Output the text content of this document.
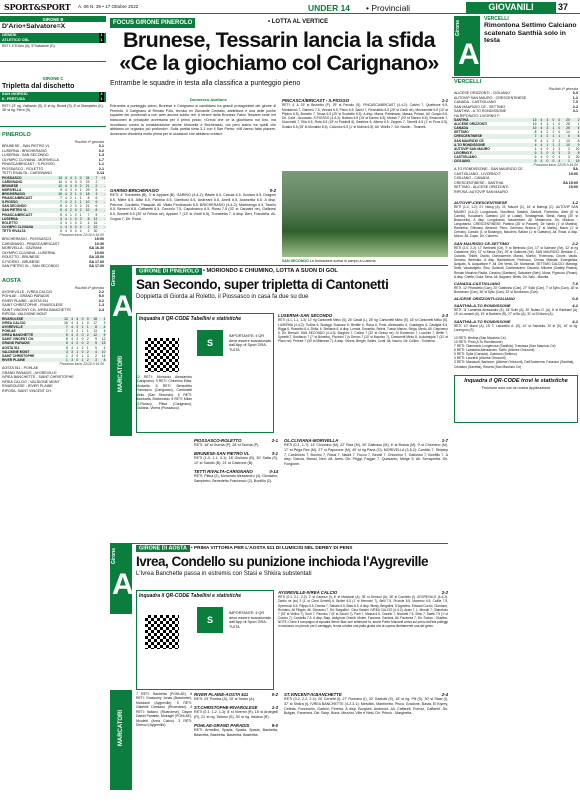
SPORT&SPORT A. 06 N. 39 • 17 Ottobre 2022	UNDER 14 • Provinciali	GIOVANILI	37
GIRONE B
D'Ario+Salvatore=X
GENESI	1
ATLETICO CBL	1
RETI: 4°D'Ario (A), 5°Salvatore (G).
GIRONE C
Tripletta dal dischetto
SAN GIORGIO	3
K. PERTUSA	1
RETI: 22' rig. Vuillavoic (S), 5' st rig. Biondi (S), 8' st Giampietro (K), 38' st rig. Ferro (S).
PINEROLO
Risultati 4ª giornata
BRUNESE - SAN PIETRO VL	3-1
LUSERNA - BRICHERASIO	0-2
LUSERNA - SAN SECONDO	1-3
OLYMPIC CLIVIANA - MORIVELLA	1-7
PINASCA/BRICAST - S.PIOSSO	1-1
PIOSSASCO - ROLETTO	2-1
TETTI RIVALTA - CARIGNANO	0-14
PIOSSASCO	13	4	4	1	0	34	7	+1
CARIGNANO	12	4	4	0	0	23	2	-
BRUNESE	12	4	4	0	0	21	2	-
MORIVELLA	9	4	3	0	1	29	5	-
BRICHERASIO	10	4	3	1	0	18	3	-
PINASCA/BRICAST	7	4	2	1	1	8	6	-
S.PIOSSO	7	4	2	1	1	10	9	-
SAN SECONDO	6	4	2	0	2	21	6	-
SAN PIETRO VL	6	4	2	0	2	10	8	-
PINASCA/BRICAST	5	4	1	2	1	7	5	-
LUSERNA	3	4	1	0	3	8	12	-
ROLETTO	3	4	1	0	3	4	16	-
OLYMPIC CLIVIANA	1	4	0	0	4	2	22	-
TETTI RIVALTA	0	4	0	0	4	2	30	-
Prossimo turno 22/10 h.16.00
BRICHERASIO - PIOSSASCO	15:00
CARIGNANO - PINASCA/BRICAST	10:30
MORIVELLA - GAZRANI	SA 16.30
OLYMPIC CLIVIANA - LUSERNA	10:00
ROLETTO - BRUNESE	SA 15.00
S.PIOSSO - BRUNESE	SA 17.00
SAN PIETRO VL - SAN SECONDO	SA 17.00
AOSTA
Risultati 4ª giornata
AYGREVILLE - IVREA CALCIO	2-2
POHLAE - GRAND PARADIS	9-0
RIVER PLAINE - AOSTA 511	0-2
SAINT CHRISTOPHE - RIVAROLESE	1-3
SAINT VINCENT CH.-IVREA BANCHETTE	2-4
RIPOSA: VALDIGNE MONT
RIVAROLESE	12	4	4	0	0	18	1
IVREA CALCIO	10	4	3	1	0	17	3
AYGREVILLE	7	4	2	1	1	8	4
POHLAE	7	4	2	1	1	13	4
IVREA BANCHETTE	6	4	2	0	2	12	9
SAINT VINCENT CH.	6	4	2	0	2	9	12
GRAND PARADIS	6	4	2	0	2	5	15
AOSTA 511	5	4	1	2	1	5	4
VALDIGNE MONT	4	3	1	0	2	4	10
SAINT CHRISTOPHE	1	4	0	1	3	2	14
RIVER PLAINE	1	3	0	1	2	3	8
Prossimo turno 22/10 h.16.00
AOSTA 511 - POHLAE
GRAND PARADIS - AYGREVILLE
IVREA BANCHETTE - SAINT CHRISTOPHE
IVREA CALCIO - VALDIGNE MONT
RIVAROLESE - RIVER PLAINE
RIPOSA: SAINT VINCENT CH.
FOCUS GIRONE PINEROLO	• LOTTA AL VERTICE
Brunese, Tessarin lancia la sfida
«Ce la giochiamo col Carignano»
Entrambe le squadre in testa alla classifica a punteggio pieno
Domenico Avallone
Entrambe a punteggio pieno, Brunese e Carignano si candidano tra grandi protagoniste del girone di Pinerolo. Il Carignano di Renato Pôlo, tecnico ex Giovanile Centallo, addirittura è una delle poche squadre dei provinciali a non aver ancora subito reti. A tenere della Brunese Fabio Tessarin vede nei bianconeri la principale avversaria per il primo posto: «Credo che ce la giochiamo noi loro, ma ricordiamo contro la considerazione anche Morivella e Bricherasio, noi però siamo tra quelli che abbiamo un organico più profondo». Sulla partita vinta 3-1 con il San Pietro: «Mi hanno fatto piacere, dovevamo chiuderla molto prima per le occasioni che abbiamo creato».
GARINO-BRICHERASIO	0-2
RETI: 4' Trombetta (B), 3' st Appiani (B). GARINO (4-4-2): Basile 6.5, Casula 6.5, Scolaro 6.5, Dragoni 6.5, Miele 6.5, Allisi 6.5, Pantina 6.5, Gambosi 6.5, Andreani 6.5, Anelli 6.5, Avanzella 6.5. A disp. Petrone, Cordiello, Pasquali. All. Vitale Ferdinando 6.5. BRICHERASIO (4-4-2): Martinengo 6.5, Tarello 6.5, Benech 6.5, Caffaretti 6.5, Cenzolo 7.5, Capobianco 6.5, Rossi 7.5 (32' st Carpiani ne), Gallinesi 6.5, Bonetti 6.5 (30' st Felizia ne), Appiani 7 (15' st Vioth 6.5), Trombetta 7. A disp. Bert, Frandella. All. Gogna 7. Dir. Rosa.
PINCASCA/BRICAST - S.PIOSSO	1-1
RETI: 4' & 19' st Brunetto (P), 29' st Peculio (S). PINCASCA/BRICAST (4-4-2): Calvini 7, Quattrone 6.5, Montanino 7, Gamero 7.5, Vinzani 6.5, Pierci 6.5, Sachi 7, Pezzutello 6.5 (25' st Cardi ne), Mezzanotte 6.5 (10' st Pilpino 6.5), Bonetto 7, Tessa 6.5 (25' st Scubelle 6.5). A disp. Marra, Palmisano, Massa, Peloso. All. Gorgio 6.5. Dir. Calvi - Accosato. S.PIOSSO (4-4-2): Bottaro 6.5 (15' st Daneo 6.5), Musso 7 (20' st Stanco 6.5), Emanuele 7, Mucchetti 7, Elia 6.5, Rota 6.5 (19' st Paiolelli 6), Beatrice 6, Albera 6.5, Zeppes 7, Tarnelli 6.5 (1' st Pons 6.5), Sciabo 6.5 (25' st Munaldo 6.5), Colombo 6.5 (1' st Molina 6.5). All. Vitiello 7. Dir. Nicolin - Tinanelli.
SAN SECONDO La formazione scesa in campo a Luserna
Girone
A
GIRONE DI PINEROLO • MORIONDO E CHIUMINO, LOTTA A SUON DI GOL
San Secondo, super tripletta di Cantonetti
Doppietta di Giorda al Roletto, il Piossasco in casa fa due su due
Inquadra il QR-CODE Tabellini e statistiche
S
IMPORTANTE: il QR deve essere scansionato dall'App di Sport GRA-TUITA
MARCATORI	12 RETI: Moriondo Alessandro (Carignano). 9 RETI: Chiumino Elisa, Morivella. 8 RETI: Benedetto Francesco (Carignano), Cantonetti Mirko (San Secondo). 6 RETI: Bambaria, Bricherasio. 5 RETI: Milan (S.Piosso), Pitisa (Carignano), Giuliana, Vinerà (Piossasco).
LUSERNA-SAN SECONDO	1-3
RETI (4-1, 1-1, 1-3): 12' rig Cantonetti Mirko (S), 26' Casali (L), 28' rig. Cantonetti Mirko (S), 18' st Cantonetti Mirko (S). LUSERNA (4-4-2): Tudina 6, Broaggi, Sussone 6, Bertille 6, Ricca 6, Poris, Alessandro 6, Guadagno 6, Castiglia 6.5, Rigga 6, Rossetto 6.4, Zhilla, 6, Stellanie 6. A disp. Lorrani, Dossetto, Seleni, Tussio Manzo, Siriga, Merlo. All. Carpineno 6. Dir. Brenchi. SAN SECONDO (4-4-3): Borghini 7, Collino 7 (32' st Gesso ne), Di Domenico 7, Lucchini 7, Beltiri 7, Spinetti 7, Bonifacio 7 (7' st Bonetto), Piccinini 7 (s Denon 7 (10' st Maurizo 7), Cantonetti Mirko 8, Ludotroppia 7 (31' st Picco ne), Pereira 7 (30' st Milanese 7). A disp. Viviers, Berger, Salles, Conti. All. Insunu. Dir. Collino - Trolisena.
PIOSSASCO-ROLETTO	2-1
RETI: 16' st Giorda (P), 28' st Giorda (P).
BRUNESE-SAN PIETRO VL	3-1
RETI (1-0, 1-1, 3-1): 18' Giuliano (B), 30' Satta (S), 12' st Salotto (B), 21' st Castrone (B).
TETTI RIVALTA-CARIGNANO	0-14
RETI: Pitisa (2), Moriondo Alessandro (4), Giordano, Sampietro, Benedetto Francesco (2), Bonfilio (2).
OL.CLIVIANA-MORIVELLA	1-7
RETI (0-1, 1-7): 14' Chiumino (M), 22' Raiz (M), 30' Gaitosso (M), 6' st Brasia (M), 9' st Chiumino (M), 17' st Pega Rev (M), 27' st Papurone (M), 40' st rig Pana (O). MORIVELLA (3-5-2): Cardillo 7, Striptep 7, Cardelloro 7, Bonino 7, Rossi 7, Naddi 7, Fucco 7, Bevali 7, Chiumino 7, Gaitosso 7, Bonfilio 7. A disp. Garcia, Bressi, Neri. All. Aresi. Dir. Priggi, Faggio 7. Quasanto, Melge 5. All. Sevapretta. Dir. Fongione.
Girone
A
GIRONE DI AOSTA • PRIMA VITTORIA PER L'AOSTA 511 DI LUMICISI NEL DERBY DI PENS
Ivrea, Condello su punizione inchioda l'Aygreville
L'Ivrea Banchette passa in estremis con Stasi e Shkira substentati
Inquadra il QR-CODE Tabellini e statistiche
S
IMPORTANTE: il QR deve essere scansionato dall'App di Sport GRA-TUITA
MARCATORI
7 RETI: Bastretta (POHLAE). 6 RETI: Grassomy Jonas (Banchette), Marcianti (Aygreville). 5 RETI: Gabrielli Damiano (Rivarolese). 4 RETI: Italiano (Rivarolese), Dayne Daniel Panable, Moiraghi (POHLAE), Nicoletti (Ivrea Calcio). 3 RETI: Demozi (Aygreville).
AYGREVILLE-IVREA CALCIO	2-2
RETI (0-1, 2-1, 2-2): 2' st Gavezzi (I), 6' st Marcianti (A), 35' st Demozi (A), 36' st Condello (I). AYGREVILLE (4-4-2): Zanilo ne (sc) 3 (1' st Cima Sonetti) 6, Bulleri 6.5 (1' st Mennieri 7), Belli 7.5, Picciole 6.5, Marzeno 6.5, Cotille 7.5, Spermiolo 6.5, Filippo 6.5, Denisa 7, Sabato 6.5, Biasi 6.5, A disp. Biesly, Bergallini, D'Agostino, Edward Curzio, Giordano, Romano, Ali Filippin. All. Dimazeci 7. Dir. Borgallini - Gina Sandei. IVREA CALCIO (4-4-2): Arato 7, L. Mendri 7, Glabobolo 7 (32' st Vellino 7), Sorti 7, Paunicu 7 (5' st Zacchi 7), Parli 7, Massa 6.5, Cavallo 7, Nicolotti 7.5, Sibic 7, Saetti 7.5 (1' st Coston 7), Condella 7.5. A disp. Barp, Astigrone Orsetti, Moteri, Fancona, Gardani. All. Panerrea 7. Dir. Sodan - Giustino. NOTE: Come il compagno di squadra Ilenne Biac due settimane fa, anche Pietro Marcanti arriva sul primo dell'età palleggi in esclusivo un piccolo per il vantaggio, ferma un'altra una palla giusta che la supera direttamente una del gesto.
RIVER PLAINE-AOSTA 511	0-2
RETI: 29' Pomba (A), 15' st Sedro (A).
ST.CHRISTOPHE-RIVAROLESE	1-3
RETI (0-1, 1-2, 1-3): 8' st Vivermi (R), 15' st Ardegelli (R), 21' st rig. Tallano (S), 35' st rig. Italiano (R).
POHLAE-GRAND PARADIS	9-0
RETI: Armellini, Spada, Spada, Spada, Bastretta, Bastretta, Bastretta, Bastretta, Bastretta.
ST.VINCENT-IV.BANCHETTE	2-4
RETI (0-2, 2-2, 2-4): 20' Cerretti (I), 27' Romano (I), 32' Gaelotti (S), 18' st rig. Pili (S), 30' st Stasi (I), 37' st Shikra (I). IVREA BANCHETTE (4-2-3-1): Merollini, Mantinetto, Pisco, Gradone, Basta, El Kiyrey, Cetetta, Fonninello, Garbini, Pereria. A disp. Borghini, Andreoni. All. Caffareli, Frenzo, Caffareli. Dir. Bulgan, Panerrea, Dirl. Barp, Bona, Mezzini, Ville e Nesi, Dir. Prieco - Marghetta.
Girone
A
VERCELLI
Rimontona Settimo Calciano scatenato Santhià solo in testa
VERCELLI
Risultati 4ª giornata
ALICESE ORIZZONTI - CIGLIANO	0-0
AUTOVIP SAN MAURO - CRESCENTINESE	1-2
CANADA - CASTIGLIANO	7-0
SAN MAURIZIO CE - SETTIMO	2-2
SANTHIÀ - A.TO RONDISSONE	4-1
HA RIPOSATO: LIVORNO F.
SANTHIÀ	13	4	4	0	0	20	2
ALICESE ORIZZONTI	10	4	3	1	0	28	1
CANADA	10	4	3	1	0	25	5
SETTIMO	8	4	2	2	0	14	4
CRESCENTINESE	7	4	2	1	1	5	8
SAN MAURIZIO CE	5	4	1	2	1	13	8
A.TO RONDISSONE	4	4	1	1	2	10	9
AUTOVIP SAN MAURO	1	4	0	1	3	3	20
LIVORNO F.	0	3	0	0	3	3	8
CASTIGLIANO	0	4	0	0	4	3	30
CIGLIANO	0	4	0	0	4	1	16
Prossimo turno 22/10 h.16.00
A.TO RONDISSONE - SAN MAURIZIO CE	SA
CASTIGLIANO - LIVORNO F.	15:00
CIGLIANO - CANADA
CRESCENTINESE - SANTHIÀ	SA 15:00
SETTIMO - ALICESE ORIZZONTI	15:00
RIPOSA: AUTOVIP SAN MAURO
AUTOVIP-CRESCENTINESE	1-2
RETI (1-0, 1-2): 21' Niang (A), 21' Macchi (C), 16' st Matrugi (C). AUTOVIP SAN MAURO (4-4-2): Longobardo, Nocofiera, Sabaidi, Santoni, Florentino, Alimi (8' st Carello), Kouasseh, Gaetano (24' st Lodali), Tchatagenda, Stella, Niang (30' st Bracucella). A disp. Longobardo, Nascimbeni. All. Matamoros. Dir. Mizacco - Longobardo. CRESCENTINESE: Pantina (28' st Paravet), De Nardo (1' st Martina), Ramirella, Ghinassi, Albanuit, Ferro, Germaro, Branca (1' st Martis), Macio (1' st Cerrato), Canullo (1' st Busango), Macchini, Ballion (1' st Gaetano). All. Rossi. A disp. Moros. All. Capio. Dir. Calorero.
SAN MAURIZIO CE-SETTIMO	2-2
RETI (2-0, 2-2): 17' Bertinetti (Ce), 9' st Bertinato (Ce), 17' st Galeone (Se), 32' st rig Cataleone (Se), 37' st Meica (Se), 29' st Galleone (Se). SAN MAURIZIO: Bertolaz C., Cutardo, Tinilini, Osorio, Donnacreme, Manzo, Mortini, Trivienano, Cirone, Vaullo, Serrano, Bertinato. A disp. Bachiafcioni, Pedrocco, Ceruso Mishate, Evangelista, Azquato, N. Acquattone F. All. Del Vento, Dir. Montanari. SETTIMO CALCIO: Marangi, Sesti, Vacobalgeto, Sibo, Guistotti, Cavismaveno, Daccola, Milonne (Gaifelp Piastra), Renato Maurizio Radici, Cassino (Gaetano), Salvatore (Neri), Mona, Pignocco (Pisani). A disp. Cheffe, Gioia, Sena. All. Bagnero. Berlis. Dir. Salo - Maurita.
CANADA-CASTIGLIANO	7-0
RETI: 12' Pirandetlo (Can), 20' Gabbiano (Can), 27' Syllo (Can), 7' st Syllo (Can), 18' st Bordonaro (Can), 36' st Syllo (Can), 32' st Bordonaro (Can).
ALICESE ORIZZONTI-CIGLIANO	0-0
SANTHIÀ-A.TO RONDISSONE	4-1
RETI: 11' Lamantia Alessandro (A), 18' Scifo (A), 30' Notaro D. (A), 6' st Rabbiani (A), 19' st Lamanti (A), 19' st Barberis (R), 27' st Bo (A), 31' st Di Mario (A).
SANTHIÀ-A.TO RONDISSONE	4-1
RETI: 10' Mauri (A), 15' T. Lacariello A. (S), 10' st Sandella, 20 st (S), 16' st rig. Lorengoro (S).
13 RETI: Bertina (San Maurizio Ce)
10 RETI: Pirai (A.To Rondissone)
7 RETI: Gianmario Longenose (Santhià), Travessa (San Maurizio Ce)
6 RETI: Lamantia Alessandro, Sciflo (Alicese Orizzonti)
5 RETI: Sylla (Canada), Calciano (Settimo)
4 RETI: Laurenti (Alicese Orizzonti)
3 RETI: Marcaudi, Barbone, (Alicese Orizzonti), Dell'Amiserna, Fassone (Santhià), Cristiano (Santhià), Ravera (San Maurizio Ce)
Inquadra il QR-CODE trovi le statistiche
Fruizione solo con la nostra Applicazione
